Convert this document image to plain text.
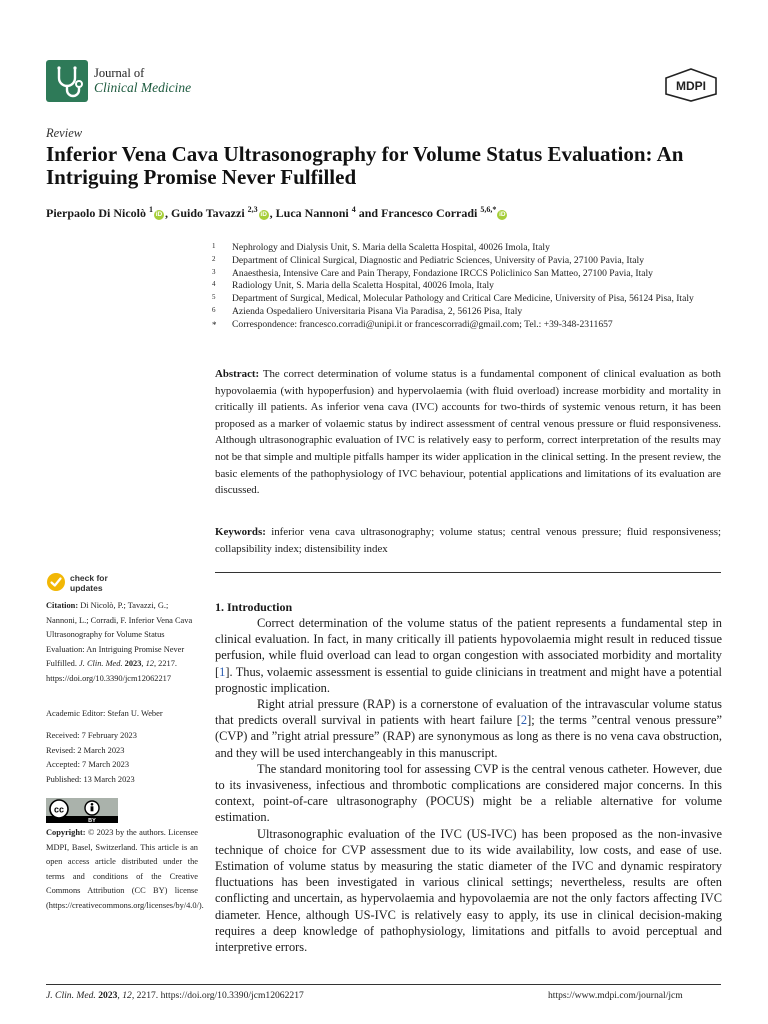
Journal of
Clinical Medicine	MDPI
Review
Inferior Vena Cava Ultrasonography for Volume Status Evaluation: An Intriguing Promise Never Fulfilled
Pierpaolo Di Nicolò $^1$iD , Guido Tavazzi $^{2,3}$iD , Luca Nannoni $^4$ and Francesco Corradi $^{5,6,*}$iD
1 Nephrology and Dialysis Unit, S. Maria della Scaletta Hospital, 40026 Imola, Italy
2 Department of Clinical Surgical, Diagnostic and Pediatric Sciences, University of Pavia, 27100 Pavia, Italy
3 Anaesthesia, Intensive Care and Pain Therapy, Fondazione IRCCS Policlinico San Matteo, 27100 Pavia, Italy
4 Radiology Unit, S. Maria della Scaletta Hospital, 40026 Imola, Italy
5 Department of Surgical, Medical, Molecular Pathology and Critical Care Medicine, University of Pisa, 56124 Pisa, Italy
6 Azienda Ospedaliero Universitaria Pisana Via Paradisa, 2, 56126 Pisa, Italy
* Correspondence: francesco.corradi@unipi.it or francescorradi@gmail.com; Tel.: +39-348-2311657
Abstract: The correct determination of volume status is a fundamental component of clinical evaluation as both hypovolaemia (with hypoperfusion) and hypervolaemia (with fluid overload) increase morbidity and mortality in critically ill patients. As inferior vena cava (IVC) accounts for two-thirds of systemic venous return, it has been proposed as a marker of volaemic status by indirect assessment of central venous pressure or fluid responsiveness. Although ultrasonographic evaluation of IVC is relatively easy to perform, correct interpretation of the results may not be that simple and multiple pitfalls hamper its wider application in the clinical setting. In the present review, the basic elements of the pathophysiology of IVC behaviour, potential applications and limitations of its evaluation are discussed.
Keywords: inferior vena cava ultrasonography; volume status; central venous pressure; fluid responsiveness; collapsibility index; distensibility index
check for
updates
Citation: Di Nicolò, P.; Tavazzi, G.; Nannoni, L.; Corradi, F. Inferior Vena Cava Ultrasonography for Volume Status Evaluation: An Intriguing Promise Never Fulfilled. J. Clin. Med. 2023, 12, 2217. https://doi.org/10.3390/jcm12062217
Academic Editor: Stefan U. Weber
Received: 7 February 2023
Revised: 2 March 2023
Accepted: 7 March 2023
Published: 13 March 2023
cc
BY
Copyright: © 2023 by the authors. Licensee MDPI, Basel, Switzerland. This article is an open access article distributed under the terms and conditions of the Creative Commons Attribution (CC BY) license (https://creativecommons.org/licenses/by/4.0/).
1. Introduction

Correct determination of the volume status of the patient represents a fundamental step in clinical evaluation. In fact, in many critically ill patients hypovolaemia might result in reduced tissue perfusion, while fluid overload can lead to organ congestion with associated morbidity and mortality [1]. Thus, volaemic assessment is essential to guide clinicians in treatment and might have a potential prognostic implication.

Right atrial pressure (RAP) is a cornerstone of evaluation of the intravascular volume status that predicts overall survival in patients with heart failure [2]; the terms ”central venous pressure” (CVP) and ”right atrial pressure” (RAP) are synonymous as long as there is no vena cava obstruction, and they will be used interchangeably in this manuscript.

The standard monitoring tool for assessing CVP is the central venous catheter. However, due to its invasiveness, infectious and thrombotic complications are considered major concerns. In this context, point-of-care ultrasonography (POCUS) might be a reliable alternative for volume estimation.

Ultrasonographic evaluation of the IVC (US-IVC) has been proposed as the non-invasive technique of choice for CVP assessment due to its wide availability, low costs, and ease of use. Estimation of volume status by measuring the static diameter of the IVC and dynamic respiratory fluctuations has been investigated in various clinical settings; nevertheless, results are often conflicting and uncertain, as hypervolaemia and hypovolaemia are not the only factors affecting IVC diameter. Hence, although US-IVC is relatively easy to apply, its use in clinical decision-making requires a deep knowledge of pathophysiology, limitations and pitfalls to avoid perceptual and interpretive errors.

J. Clin. Med. 2023, 12, 2217. https://doi.org/10.3390/jcm12062217	https://www.mdpi.com/journal/jcm
